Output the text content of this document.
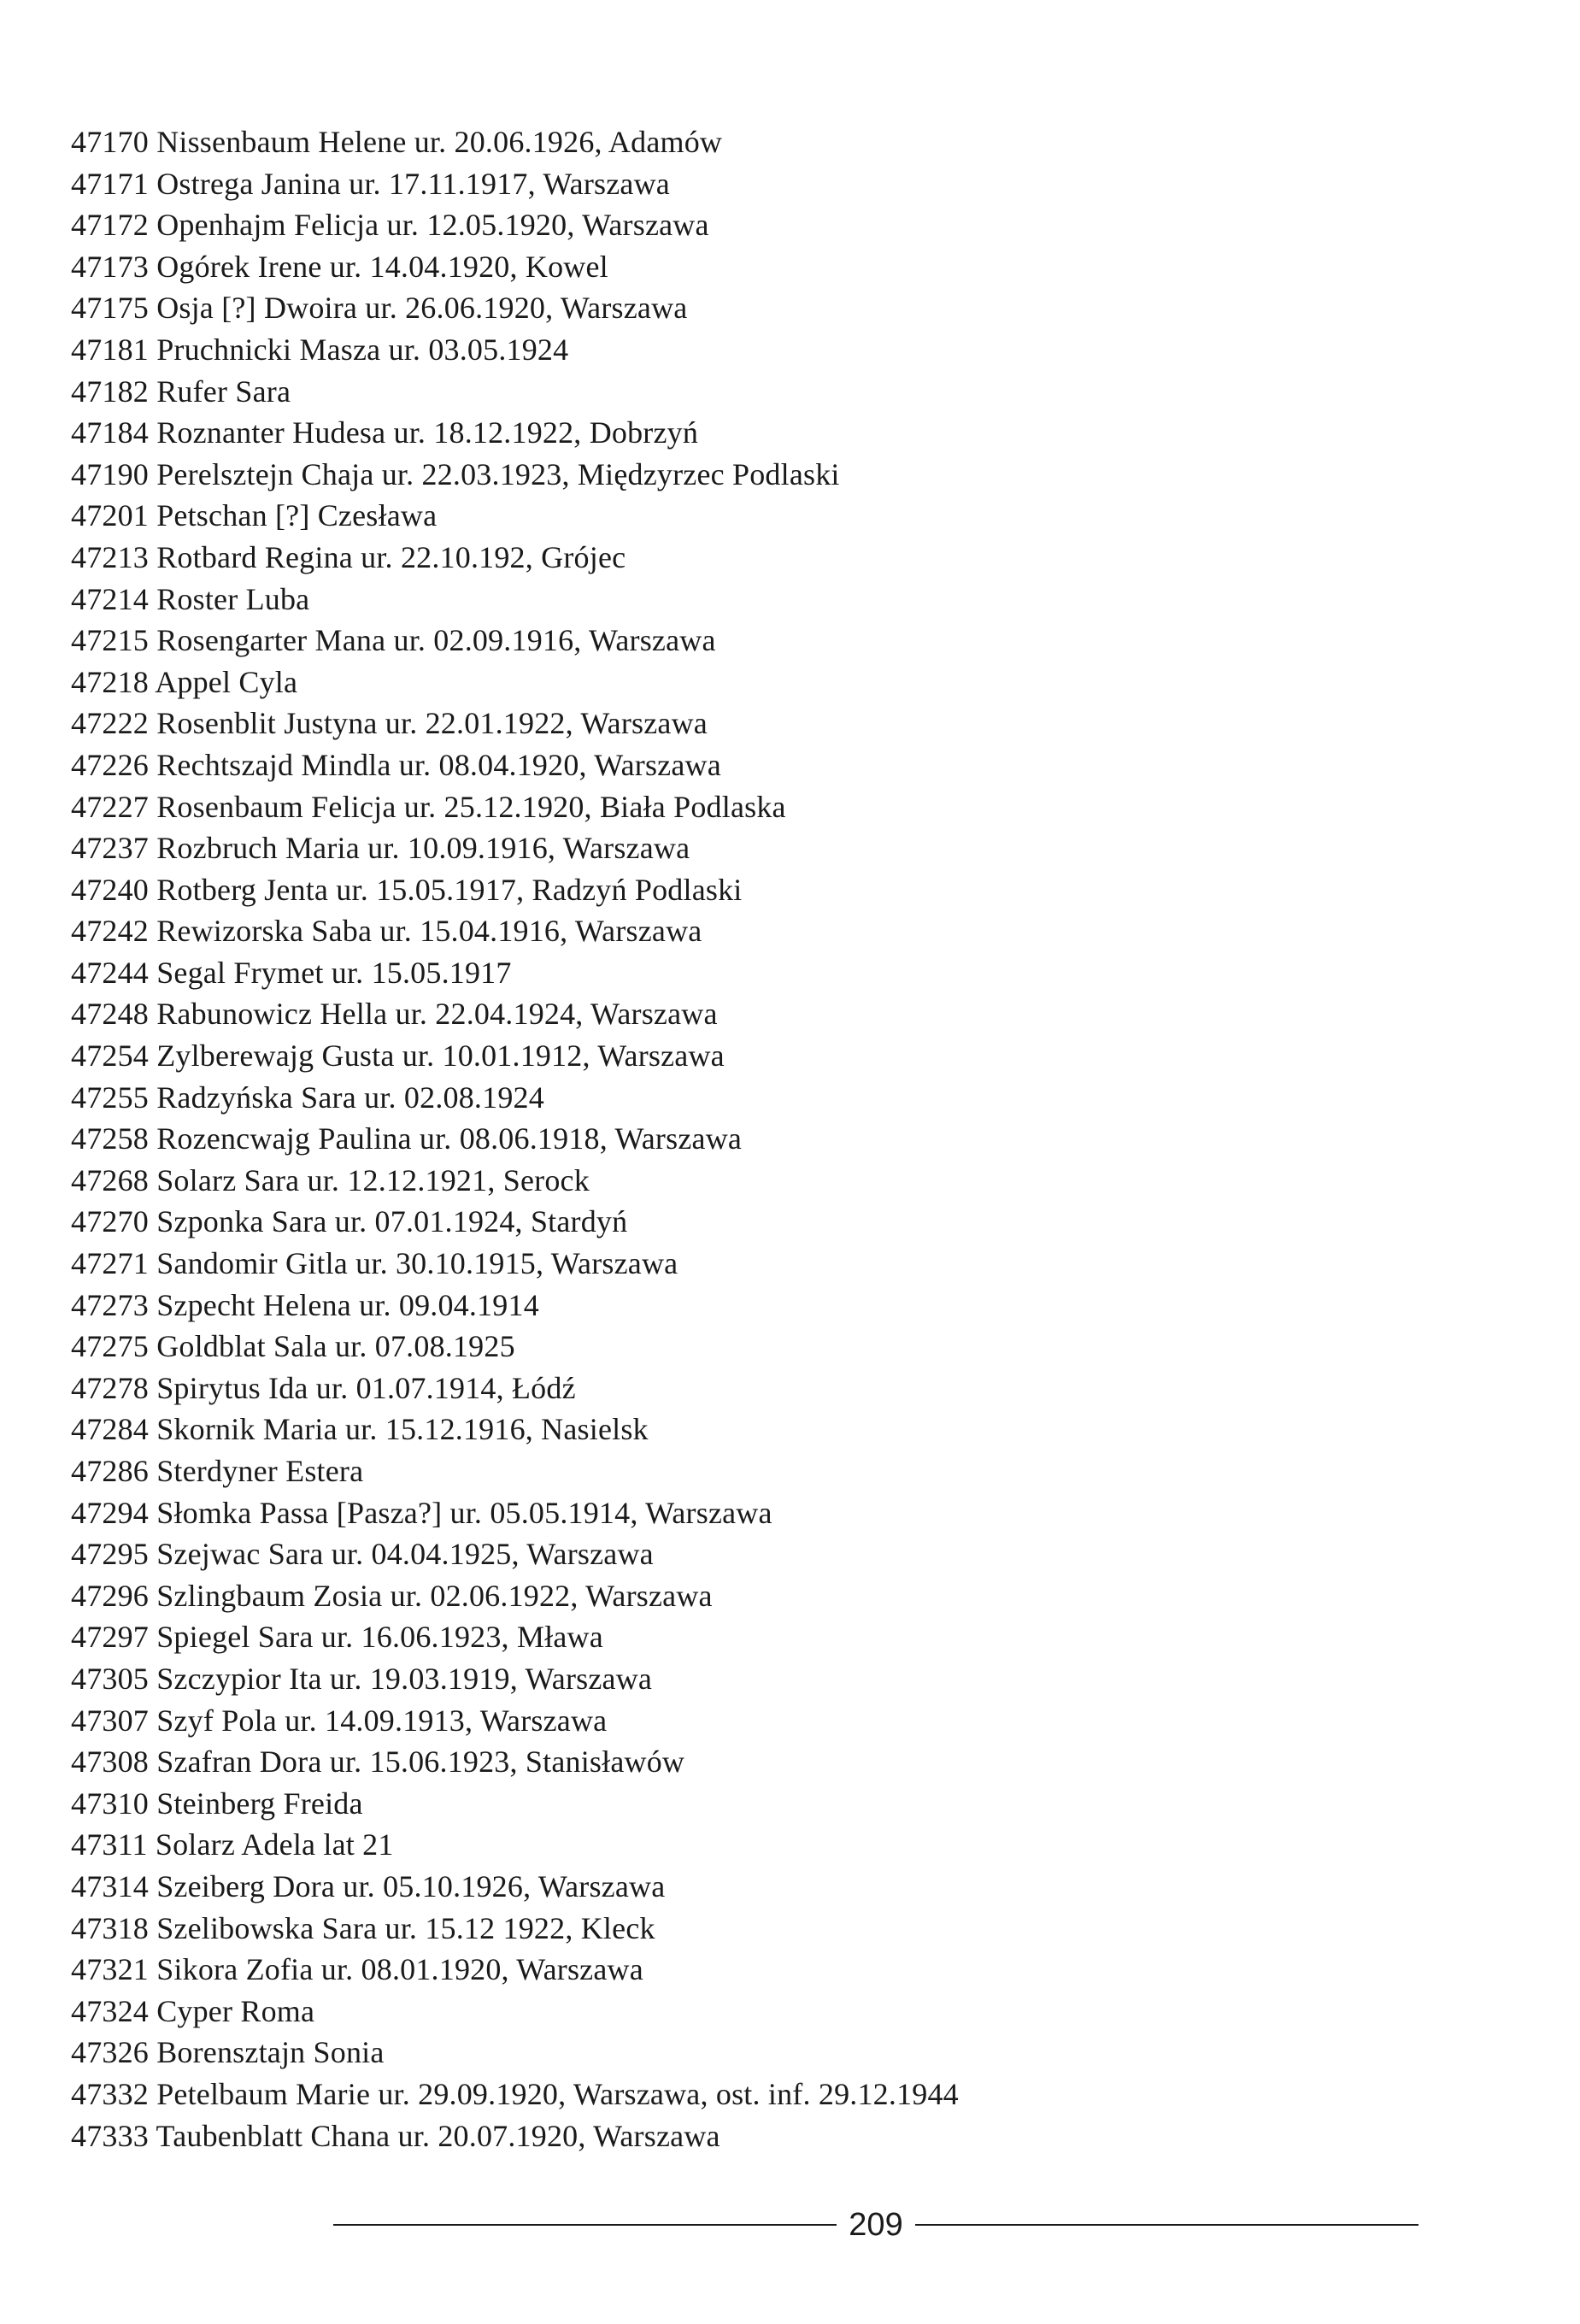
47170 Nissenbaum Helene ur. 20.06.1926, Adamów
47171 Ostrega Janina ur. 17.11.1917, Warszawa
47172 Openhajm Felicja ur. 12.05.1920, Warszawa
47173 Ogórek Irene ur. 14.04.1920, Kowel
47175 Osja [?] Dwoira ur. 26.06.1920, Warszawa
47181 Pruchnicki Masza ur. 03.05.1924
47182 Rufer Sara
47184 Roznanter Hudesa ur. 18.12.1922, Dobrzyń
47190 Perelsztejn Chaja ur. 22.03.1923, Międzyrzec Podlaski
47201 Petschan [?] Czesława
47213 Rotbard Regina ur. 22.10.192, Grójec
47214 Roster Luba
47215 Rosengarter Mana ur. 02.09.1916, Warszawa
47218 Appel Cyla
47222 Rosenblit Justyna ur. 22.01.1922, Warszawa
47226 Rechtszajd Mindla ur. 08.04.1920, Warszawa
47227 Rosenbaum Felicja ur. 25.12.1920, Biała Podlaska
47237 Rozbruch Maria ur. 10.09.1916, Warszawa
47240 Rotberg Jenta ur. 15.05.1917, Radzyń Podlaski
47242 Rewizorska Saba ur. 15.04.1916, Warszawa
47244 Segal Frymet ur. 15.05.1917
47248 Rabunowicz Hella ur. 22.04.1924, Warszawa
47254 Zylberewajg Gusta ur. 10.01.1912, Warszawa
47255 Radzyńska Sara ur. 02.08.1924
47258 Rozencwajg Paulina ur. 08.06.1918, Warszawa
47268 Solarz Sara ur. 12.12.1921, Serock
47270 Szponka Sara ur. 07.01.1924, Stardyń
47271 Sandomir Gitla ur. 30.10.1915, Warszawa
47273 Szpecht Helena ur. 09.04.1914
47275 Goldblat Sala ur. 07.08.1925
47278 Spirytus Ida ur. 01.07.1914, Łódź
47284 Skornik Maria ur. 15.12.1916, Nasielsk
47286 Sterdyner Estera
47294 Słomka Passa [Pasza?] ur. 05.05.1914, Warszawa
47295 Szejwac Sara ur. 04.04.1925, Warszawa
47296 Szlingbaum Zosia ur. 02.06.1922, Warszawa
47297 Spiegel Sara ur. 16.06.1923, Mława
47305 Szczypior Ita ur. 19.03.1919, Warszawa
47307 Szyf Pola ur. 14.09.1913, Warszawa
47308 Szafran Dora ur. 15.06.1923, Stanisławów
47310 Steinberg Freida
47311 Solarz Adela lat 21
47314 Szeiberg Dora ur. 05.10.1926, Warszawa
47318 Szelibowska Sara ur. 15.12 1922, Kleck
47321 Sikora Zofia ur. 08.01.1920, Warszawa
47324 Cyper Roma
47326 Borensztajn Sonia
47332 Petelbaum Marie ur. 29.09.1920, Warszawa, ost. inf. 29.12.1944
47333 Taubenblatt Chana ur. 20.07.1920, Warszawa
209
